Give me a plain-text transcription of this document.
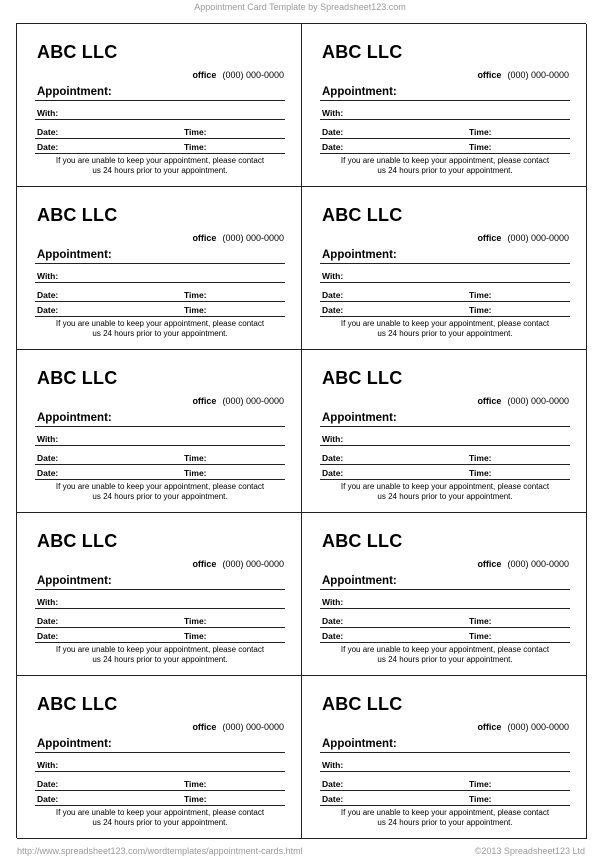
Appointment Card Template by Spreadsheet123.com
ABC LLC
office (000) 000-0000
Appointment:
With:
Date:	Time:
Date:	Time:
If you are unable to keep your appointment, please contact
us 24 hours prior to your appointment.
ABC LLC
office (000) 000-0000
Appointment:
With:
Date:	Time:
Date:	Time:
If you are unable to keep your appointment, please contact
us 24 hours prior to your appointment.
ABC LLC
office (000) 000-0000
Appointment:
With:
Date:	Time:
Date:	Time:
If you are unable to keep your appointment, please contact
us 24 hours prior to your appointment.
ABC LLC
office (000) 000-0000
Appointment:
With:
Date:	Time:
Date:	Time:
If you are unable to keep your appointment, please contact
us 24 hours prior to your appointment.
ABC LLC
office (000) 000-0000
Appointment:
With:
Date:	Time:
Date:	Time:
If you are unable to keep your appointment, please contact
us 24 hours prior to your appointment.
ABC LLC
office (000) 000-0000
Appointment:
With:
Date:	Time:
Date:	Time:
If you are unable to keep your appointment, please contact
us 24 hours prior to your appointment.
ABC LLC
office (000) 000-0000
Appointment:
With:
Date:	Time:
Date:	Time:
If you are unable to keep your appointment, please contact
us 24 hours prior to your appointment.
ABC LLC
office (000) 000-0000
Appointment:
With:
Date:	Time:
Date:	Time:
If you are unable to keep your appointment, please contact
us 24 hours prior to your appointment.
ABC LLC
office (000) 000-0000
Appointment:
With:
Date:	Time:
Date:	Time:
If you are unable to keep your appointment, please contact
us 24 hours prior to your appointment.
ABC LLC
office (000) 000-0000
Appointment:
With:
Date:	Time:
Date:	Time:
If you are unable to keep your appointment, please contact
us 24 hours prior to your appointment.
http://www.spreadsheet123.com/wordtemplates/appointment-cards.html	©2013 Spreadsheet123 Ltd
